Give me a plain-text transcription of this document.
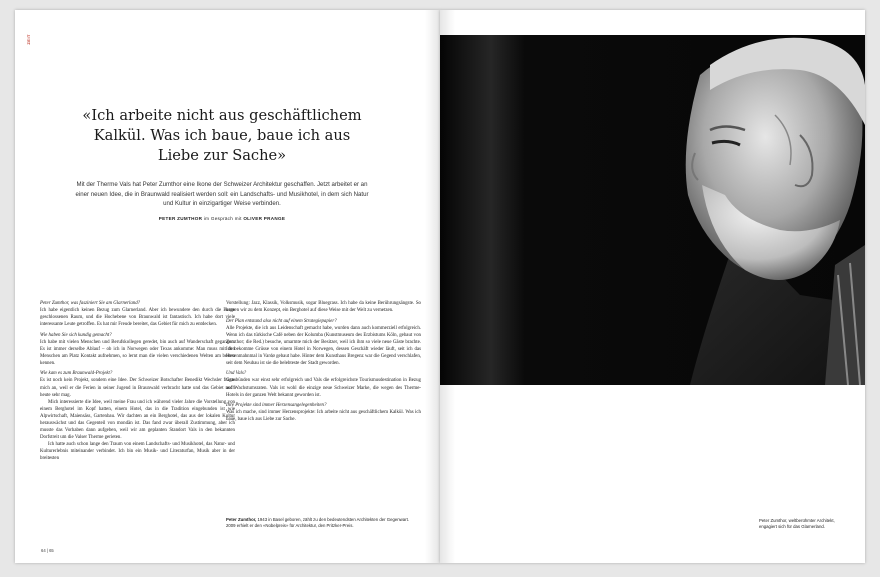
ZEIT
«Ich arbeite nicht aus geschäftlichem Kalkül. Was ich baue, baue ich aus Liebe zur Sache»
Mit der Therme Vals hat Peter Zumthor eine Ikone der Schweizer Architektur geschaffen. Jetzt arbeitet er an einer neuen Idee, die in Braunwald realisiert werden soll: ein Landschafts- und Musikhotel, in dem sich Natur und Kultur in einzigartiger Weise verbinden.
PETER ZUMTHOR im Gespräch mit OLIVER PRANGE

Peter Zumthor, was fasziniert Sie am Glarnerland?

Ich habe eigentlich keinen Bezug zum Glarnerland. Aber ich bewundere den durch die Berge geschlossenen Raum, und die Hochebene von Braunwald ist fantastisch. Ich habe dort viele interessante Leute getroffen. Es hat mir Freude bereitet, das Gebiet für mich zu entdecken.

Wie haben Sie sich kundig gemacht?

Ich habe mit vielen Menschen und Berufskollegen geredet, bin auch auf Wanderschaft gegangen. Es ist immer derselbe Ablauf – ob ich in Norwegen oder Texas ankomme: Man muss mit den Menschen am Platz Kontakt aufnehmen, so lernt man die vielen verschiedenen Welten am besten kennen.

Wie kam es zum Braunwald-Projekt?

Es ist noch kein Projekt, sondern eine Idee. Der Schweizer Botschafter Benedikt Wechsler fragte mich an, weil er die Ferien in seiner Jugend in Braunwald verbracht hatte und das Gebiet noch heute sehr mag.

Mich interessierte die Idee, weil meine Frau und ich während vieler Jahre die Vorstellung von einem Berghotel im Kopf hatten, einem Hotel, das in die Tradition eingebunden ist wie Alpwirtschaft, Maiensäss, Gartenbau. Wir dachten an ein Berghotel, das aus der lokalen Kultur herauswächst und das Gegenteil von mondän ist. Das fand zwar überall Zustimmung, aber ich musste das Vorhaben dann aufgeben, weil wir am geplanten Standort Vals in den bekannten Dorfstreit um die Valser Therme gerieten.

Ich hatte auch schon lange den Traum von einem Landschafts- und Musikhotel, das Natur- und Kulturerlebnis miteinander verbindet. Ich bin ein Musik- und Literaturfan, Musik aber in der breitesten

Vorstellung: Jazz, Klassik, Volksmusik, sogar Bluegrass. Ich habe da keine Berührungsängste. So kamen wir zu dem Konzept, ein Berghotel auf diese Weise mit der Welt zu vernetzen.

Der Plan entstand also nicht auf einem Strategiepapier?

Alle Projekte, die ich aus Leidenschaft gemacht habe, wurden dann auch kommerziell erfolgreich. Wenn ich das türkische Café neben der Kolumba (Kunstmuseum des Erzbistums Köln, gebaut von Zumthor; die Red.) besuche, umarmte mich der Besitzer, weil ich ihm so viele neue Gäste brachte. Ich bekomme Grüsse von einem Hotel in Norwegen, dessen Geschäft wieder läuft, seit ich das Hexenmahnmal in Vardø gebaut habe. Hinter dem Kunsthaus Bregenz war die Gegend verschlafen, seit dem Neubau ist sie die belebteste der Stadt geworden.

Und Vals?

Graubünden war einst sehr erfolgreich und Vals die erfolgreichste Tourismusdestination in Bezug auf Wachstumsraten. Vals ist wohl die einzige neue Schweizer Marke, die wegen des Therme-Hotels in der ganzen Welt bekannt geworden ist.

Ihre Projekte sind immer Herzensangelegenheiten?

Was ich mache, sind immer Herzensprojekte: Ich arbeite nicht aus geschäftlichem Kalkül. Was ich baue, baue ich aus Liebe zur Sache.

Peter Zumthor, 1943 in Basel geboren, zählt zu den bedeutendsten Architekten der Gegenwart. 2009 erhielt er den «Nobelpreis» für Architektur, den Pritzker-Preis.
64 | 65
Peter Zumthor, weltberühmter Architekt, engagiert sich für das Glarnerland.
